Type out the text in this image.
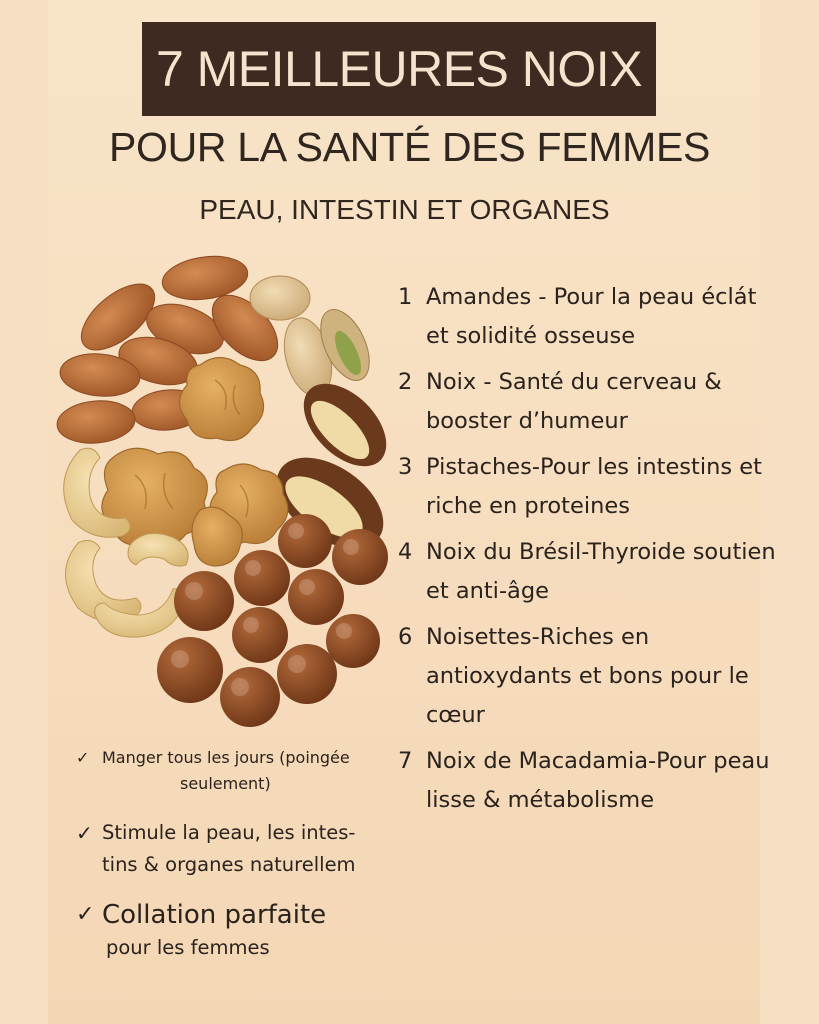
7 MEILLEURES NOIX
POUR LA SANTÉ DES FEMMES
PEAU, INTESTIN ET ORGANES
1 Amandes - Pour la peau éclát et solidité osseuse
2 Noix - Santé du cerveau & booster d’humeur
3 Pistaches-Pour les intestins et riche en proteines
4 Noix du Brésil-Thyroide soutien et anti-âge
6 Noisettes-Riches en antioxydants et bons pour le cœur
7 Noix de Macadamia-Pour peau lisse & métabolisme
✓ Manger tous les jours (poingée
seulement)
✓ Stimule la peau, les intes-
tins & organes naturellem
✓ Collation parfaite
pour les femmes
